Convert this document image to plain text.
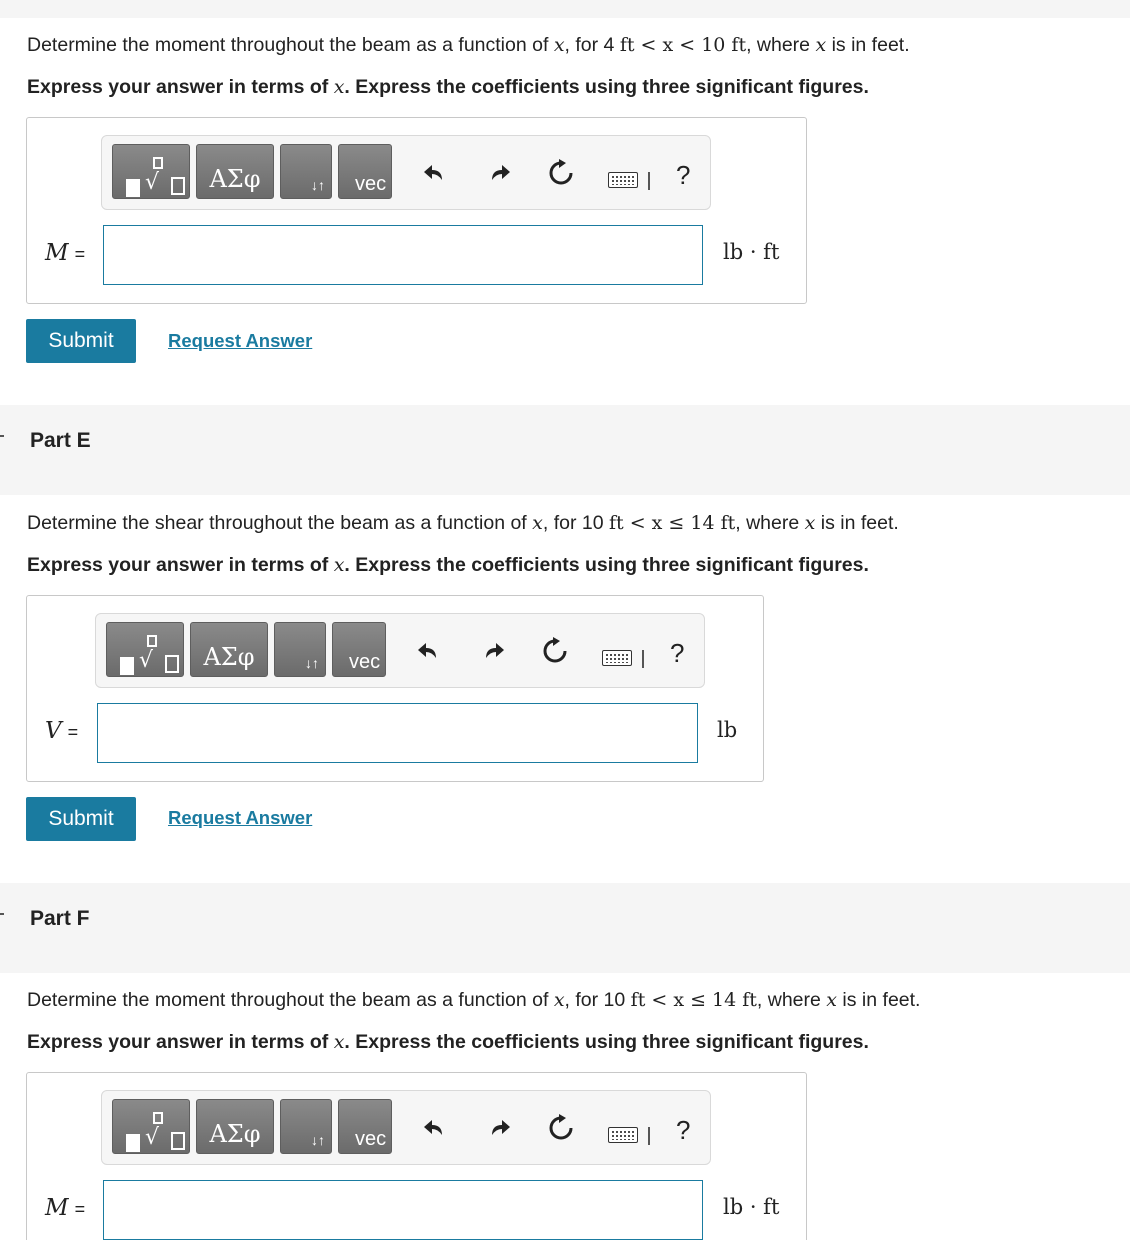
Determine the moment throughout the beam as a function of x, for 4 ft < x < 10 ft, where x is in feet.
Express your answer in terms of x. Express the coefficients using three significant figures.
√	ΑΣφ	↓↑ vec	?
M =	lb · ft
Submit	Request Answer
Part E
Determine the shear throughout the beam as a function of x, for 10 ft < x ≤ 14 ft, where x is in feet.
Express your answer in terms of x. Express the coefficients using three significant figures.
√	ΑΣφ	↓↑ vec	?
V =	lb
Submit	Request Answer
Part F
Determine the moment throughout the beam as a function of x, for 10 ft < x ≤ 14 ft, where x is in feet.
Express your answer in terms of x. Express the coefficients using three significant figures.
√	ΑΣφ	↓↑ vec	?
M =	lb · ft
